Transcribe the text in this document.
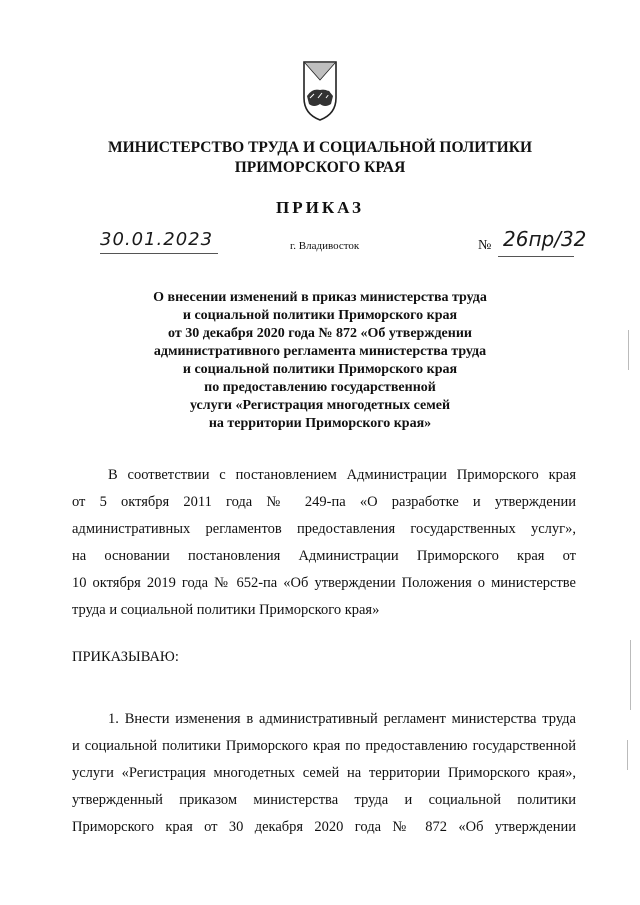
МИНИСТЕРСТВО ТРУДА И СОЦИАЛЬНОЙ ПОЛИТИКИ
ПРИМОРСКОГО КРАЯ
ПРИКАЗ
30.01.2023	г. Владивосток	№ 26пр/32
О внесении изменений в приказ министерства труда
и социальной политики Приморского края
от 30 декабря 2020 года № 872 «Об утверждении
административного регламента министерства труда
и социальной политики Приморского края
по предоставлению государственной
услуги «Регистрация многодетных семей
на территории Приморского края»
В соответствии с постановлением Администрации Приморского края
от 5 октября 2011 года № 249-па «О разработке и утверждении
административных регламентов предоставления государственных услуг»,
на основании постановления Администрации Приморского края от
10 октября 2019 года № 652-па «Об утверждении Положения о министерстве
труда и социальной политики Приморского края»
ПРИКАЗЫВАЮ:
1. Внести изменения в административный регламент министерства труда
и социальной политики Приморского края по предоставлению государственной
услуги «Регистрация многодетных семей на территории Приморского края»,
утвержденный приказом министерства труда и социальной политики
Приморского края от 30 декабря 2020 года № 872 «Об утверждении
